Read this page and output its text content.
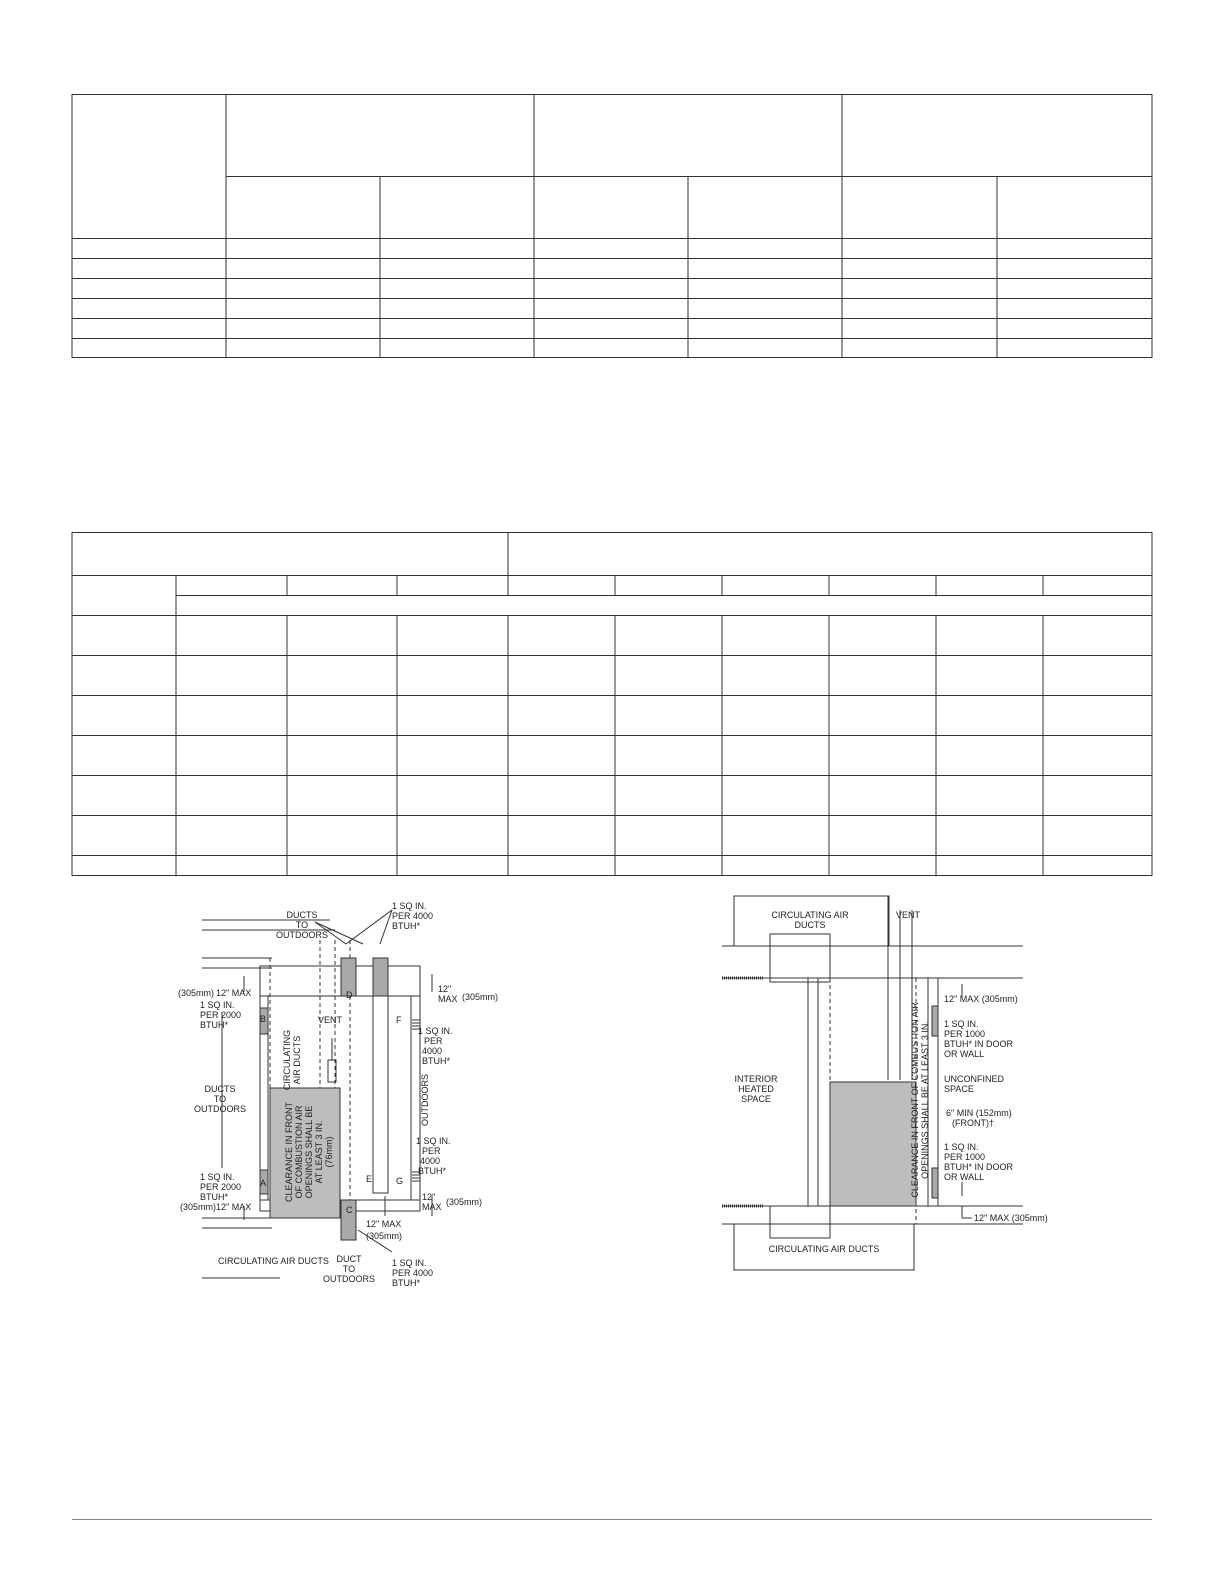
DUCTS TO OUTDOORS
1 SQ IN. PER 4000 BTUH*
(305mm) 12" MAX
1 SQ IN. PER 2000 BTUH*
B
D
F
A
C
E	G
VENT
CIRCULATINGAIR DUCTS
12" MAX (305mm)
1 SQ IN. PER 4000 BTUH*
OUTDOORS
DUCTS TO OUTDOORS	CLEARANCE IN FRONTOF COMBUSTION AIROPENINGS SHALL BEAT LEAST 3 IN.(76mm)	1 SQ IN. PER 4000 BTUH*
1 SQ IN. PER 2000 BTUH*
(305mm) 12" MAX
12" MAX (305mm)
12" MAX
(305mm)
CIRCULATING AIR DUCTS DUCT TO OUTDOORS
1 SQ IN. PER 4000 BTUH*
CIRCULATING AIR DUCTS
VENT
12" MAX (305mm)
1 SQ IN. PER 1000 BTUH* IN DOOR OR WALL
UNCONFINED SPACE
6" MIN (152mm) (FRONT)†
1 SQ IN. PER 1000 BTUH* IN DOOR OR WALL
INTERIOR HEATED SPACE	CLEARANCE IN FRONT OF COMBUSTION AIROPENINGS SHALL BE AT LEAST 3 IN.
12" MAX (305mm)
CIRCULATING AIR DUCTS
